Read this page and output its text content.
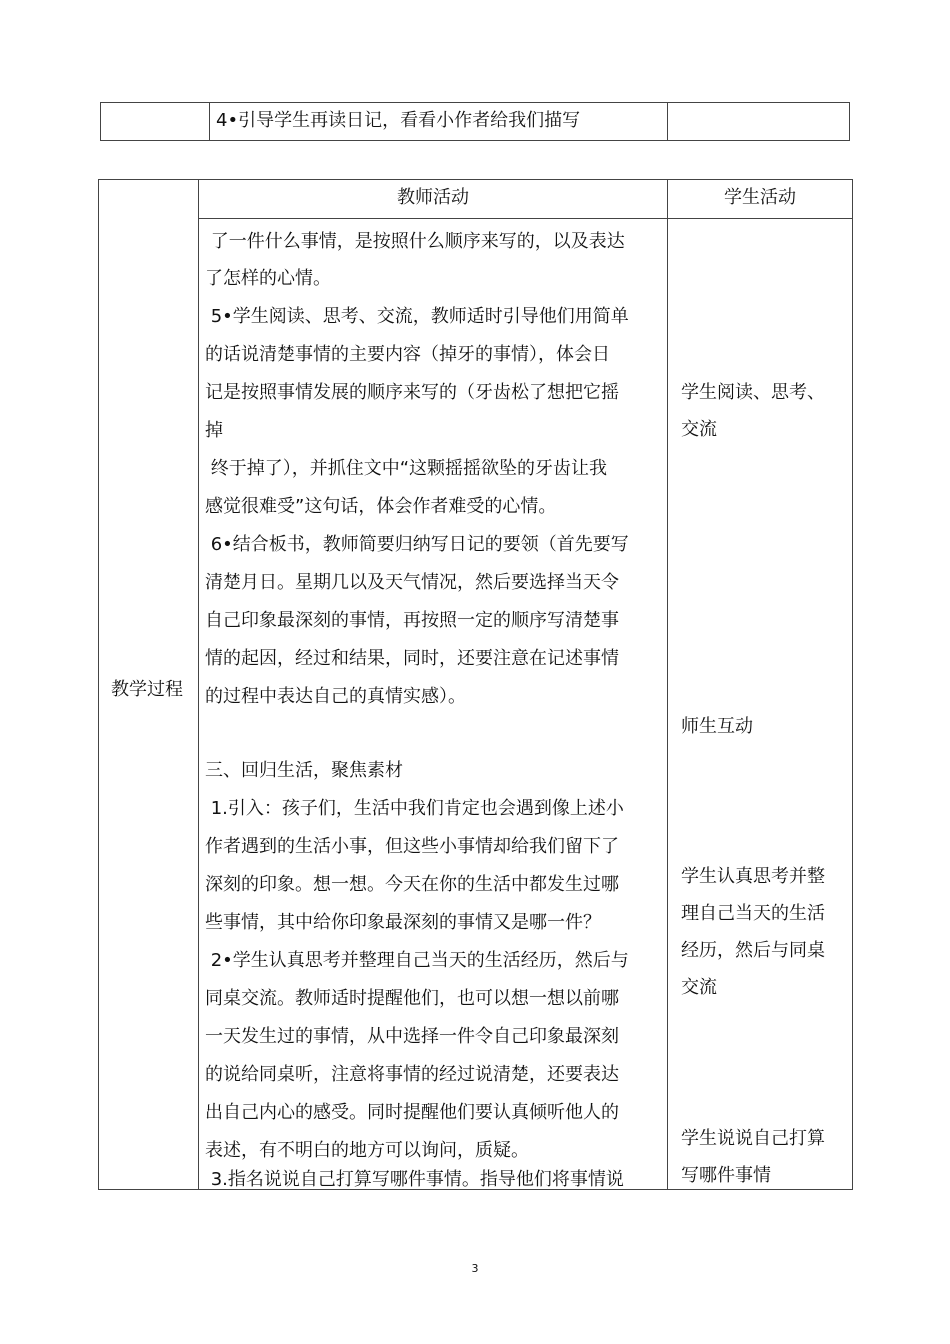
4•引导学生再读日记，看看小作者给我们描写
教师活动	学生活动
教学过程
了一件什么事情，是按照什么顺序来写的，以及表达
了怎样的心情。
5•学生阅读、思考、交流，教师适时引导他们用简单
的话说清楚事情的主要内容（掉牙的事情），体会日
记是按照事情发展的顺序来写的（牙齿松了想把它摇
掉
终于掉了），并抓住文中“这颗摇摇欲坠的牙齿让我
感觉很难受”这句话，体会作者难受的心情。
6•结合板书，教师简要归纳写日记的要领（首先要写
清楚月日。星期几以及天气情况，然后要选择当天令
自己印象最深刻的事情，再按照一定的顺序写清楚事
情的起因，经过和结果，同时，还要注意在记述事情
的过程中表达自己的真情实感）。
三、回归生活，聚焦素材
1.引入：孩子们，生活中我们肯定也会遇到像上述小
作者遇到的生活小事，但这些小事情却给我们留下了
深刻的印象。想一想。今天在你的生活中都发生过哪
些事情，其中给你印象最深刻的事情又是哪一件？
2•学生认真思考并整理自己当天的生活经历，然后与
同桌交流。教师适时提醒他们，也可以想一想以前哪
一天发生过的事情，从中选择一件令自己印象最深刻
的说给同桌听，注意将事情的经过说清楚，还要表达
出自己内心的感受。同时提醒他们要认真倾听他人的
表述，有不明白的地方可以询问，质疑。
3.指名说说自己打算写哪件事情。指导他们将事情说
学生阅读、思考、
交流
师生互动
学生认真思考并整
理自己当天的生活
经历，然后与同桌
交流
学生说说自己打算
写哪件事情
3
